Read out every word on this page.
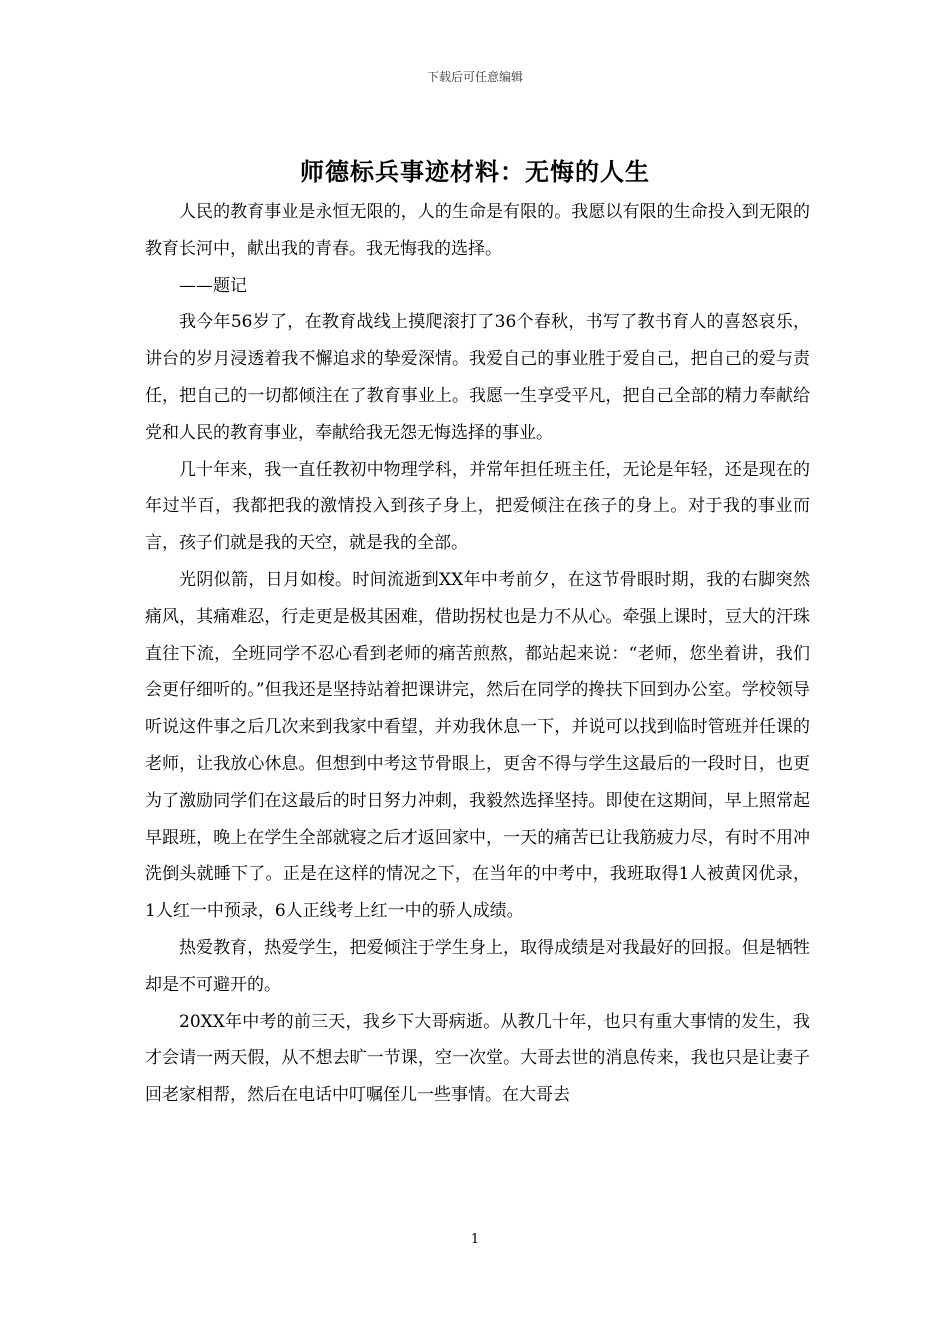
下载后可任意编辑
师德标兵事迹材料：无悔的人生

人民的教育事业是永恒无限的，人的生命是有限的。我愿以有限的生命投入到无限的教育长河中，献出我的青春。我无悔我的选择。

——题记

我今年56岁了，在教育战线上摸爬滚打了36个春秋，书写了教书育人的喜怒哀乐，讲台的岁月浸透着我不懈追求的挚爱深情。我爱自己的事业胜于爱自己，把自己的爱与责任，把自己的一切都倾注在了教育事业上。我愿一生享受平凡，把自己全部的精力奉献给党和人民的教育事业，奉献给我无怨无悔选择的事业。

几十年来，我一直任教初中物理学科，并常年担任班主任，无论是年轻，还是现在的年过半百，我都把我的激情投入到孩子身上，把爱倾注在孩子的身上。对于我的事业而言，孩子们就是我的天空，就是我的全部。

光阴似箭，日月如梭。时间流逝到XX年中考前夕，在这节骨眼时期，我的右脚突然痛风，其痛难忍，行走更是极其困难，借助拐杖也是力不从心。牵强上课时，豆大的汗珠直往下流，全班同学不忍心看到老师的痛苦煎熬，都站起来说：“老师，您坐着讲，我们会更仔细听的。”但我还是坚持站着把课讲完，然后在同学的搀扶下回到办公室。学校领导听说这件事之后几次来到我家中看望，并劝我休息一下，并说可以找到临时管班并任课的老师，让我放心休息。但想到中考这节骨眼上，更舍不得与学生这最后的一段时日，也更为了激励同学们在这最后的时日努力冲刺，我毅然选择坚持。即使在这期间，早上照常起早跟班，晚上在学生全部就寝之后才返回家中，一天的痛苦已让我筋疲力尽，有时不用冲洗倒头就睡下了。正是在这样的情况之下，在当年的中考中，我班取得1人被黄冈优录，1人红一中预录，6人正线考上红一中的骄人成绩。

热爱教育，热爱学生，把爱倾注于学生身上，取得成绩是对我最好的回报。但是牺牲却是不可避开的。

20XX年中考的前三天，我乡下大哥病逝。从教几十年，也只有重大事情的发生，我才会请一两天假，从不想去旷一节课，空一次堂。大哥去世的消息传来，我也只是让妻子回老家相帮，然后在电话中叮嘱侄儿一些事情。在大哥去

1
